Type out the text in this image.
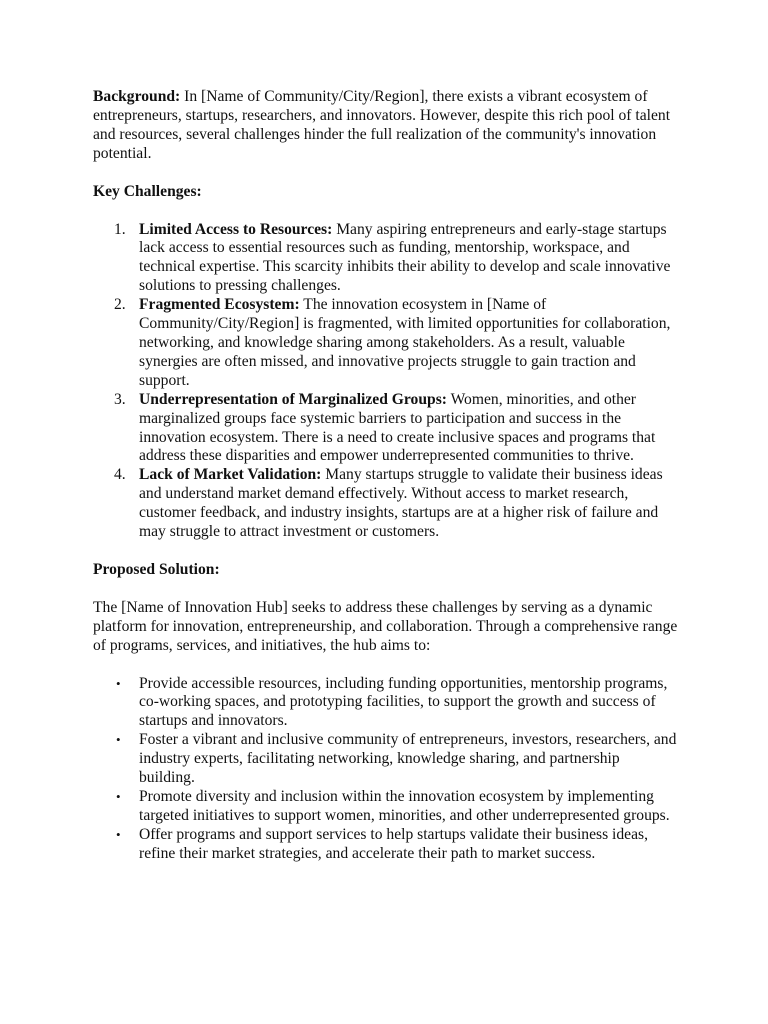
Background: In [Name of Community/City/Region], there exists a vibrant ecosystem of entrepreneurs, startups, researchers, and innovators. However, despite this rich pool of talent and resources, several challenges hinder the full realization of the community's innovation potential.

Key Challenges:

1. Limited Access to Resources: Many aspiring entrepreneurs and early-stage startups lack access to essential resources such as funding, mentorship, workspace, and technical expertise. This scarcity inhibits their ability to develop and scale innovative solutions to pressing challenges.
2. Fragmented Ecosystem: The innovation ecosystem in [Name of Community/City/Region] is fragmented, with limited opportunities for collaboration, networking, and knowledge sharing among stakeholders. As a result, valuable synergies are often missed, and innovative projects struggle to gain traction and support.
3. Underrepresentation of Marginalized Groups: Women, minorities, and other marginalized groups face systemic barriers to participation and success in the innovation ecosystem. There is a need to create inclusive spaces and programs that address these disparities and empower underrepresented communities to thrive.
4. Lack of Market Validation: Many startups struggle to validate their business ideas and understand market demand effectively. Without access to market research, customer feedback, and industry insights, startups are at a higher risk of failure and may struggle to attract investment or customers.

Proposed Solution:

The [Name of Innovation Hub] seeks to address these challenges by serving as a dynamic platform for innovation, entrepreneurship, and collaboration. Through a comprehensive range of programs, services, and initiatives, the hub aims to:

• Provide accessible resources, including funding opportunities, mentorship programs, co-working spaces, and prototyping facilities, to support the growth and success of startups and innovators.
• Foster a vibrant and inclusive community of entrepreneurs, investors, researchers, and industry experts, facilitating networking, knowledge sharing, and partnership building.
• Promote diversity and inclusion within the innovation ecosystem by implementing targeted initiatives to support women, minorities, and other underrepresented groups.
• Offer programs and support services to help startups validate their business ideas, refine their market strategies, and accelerate their path to market success.
